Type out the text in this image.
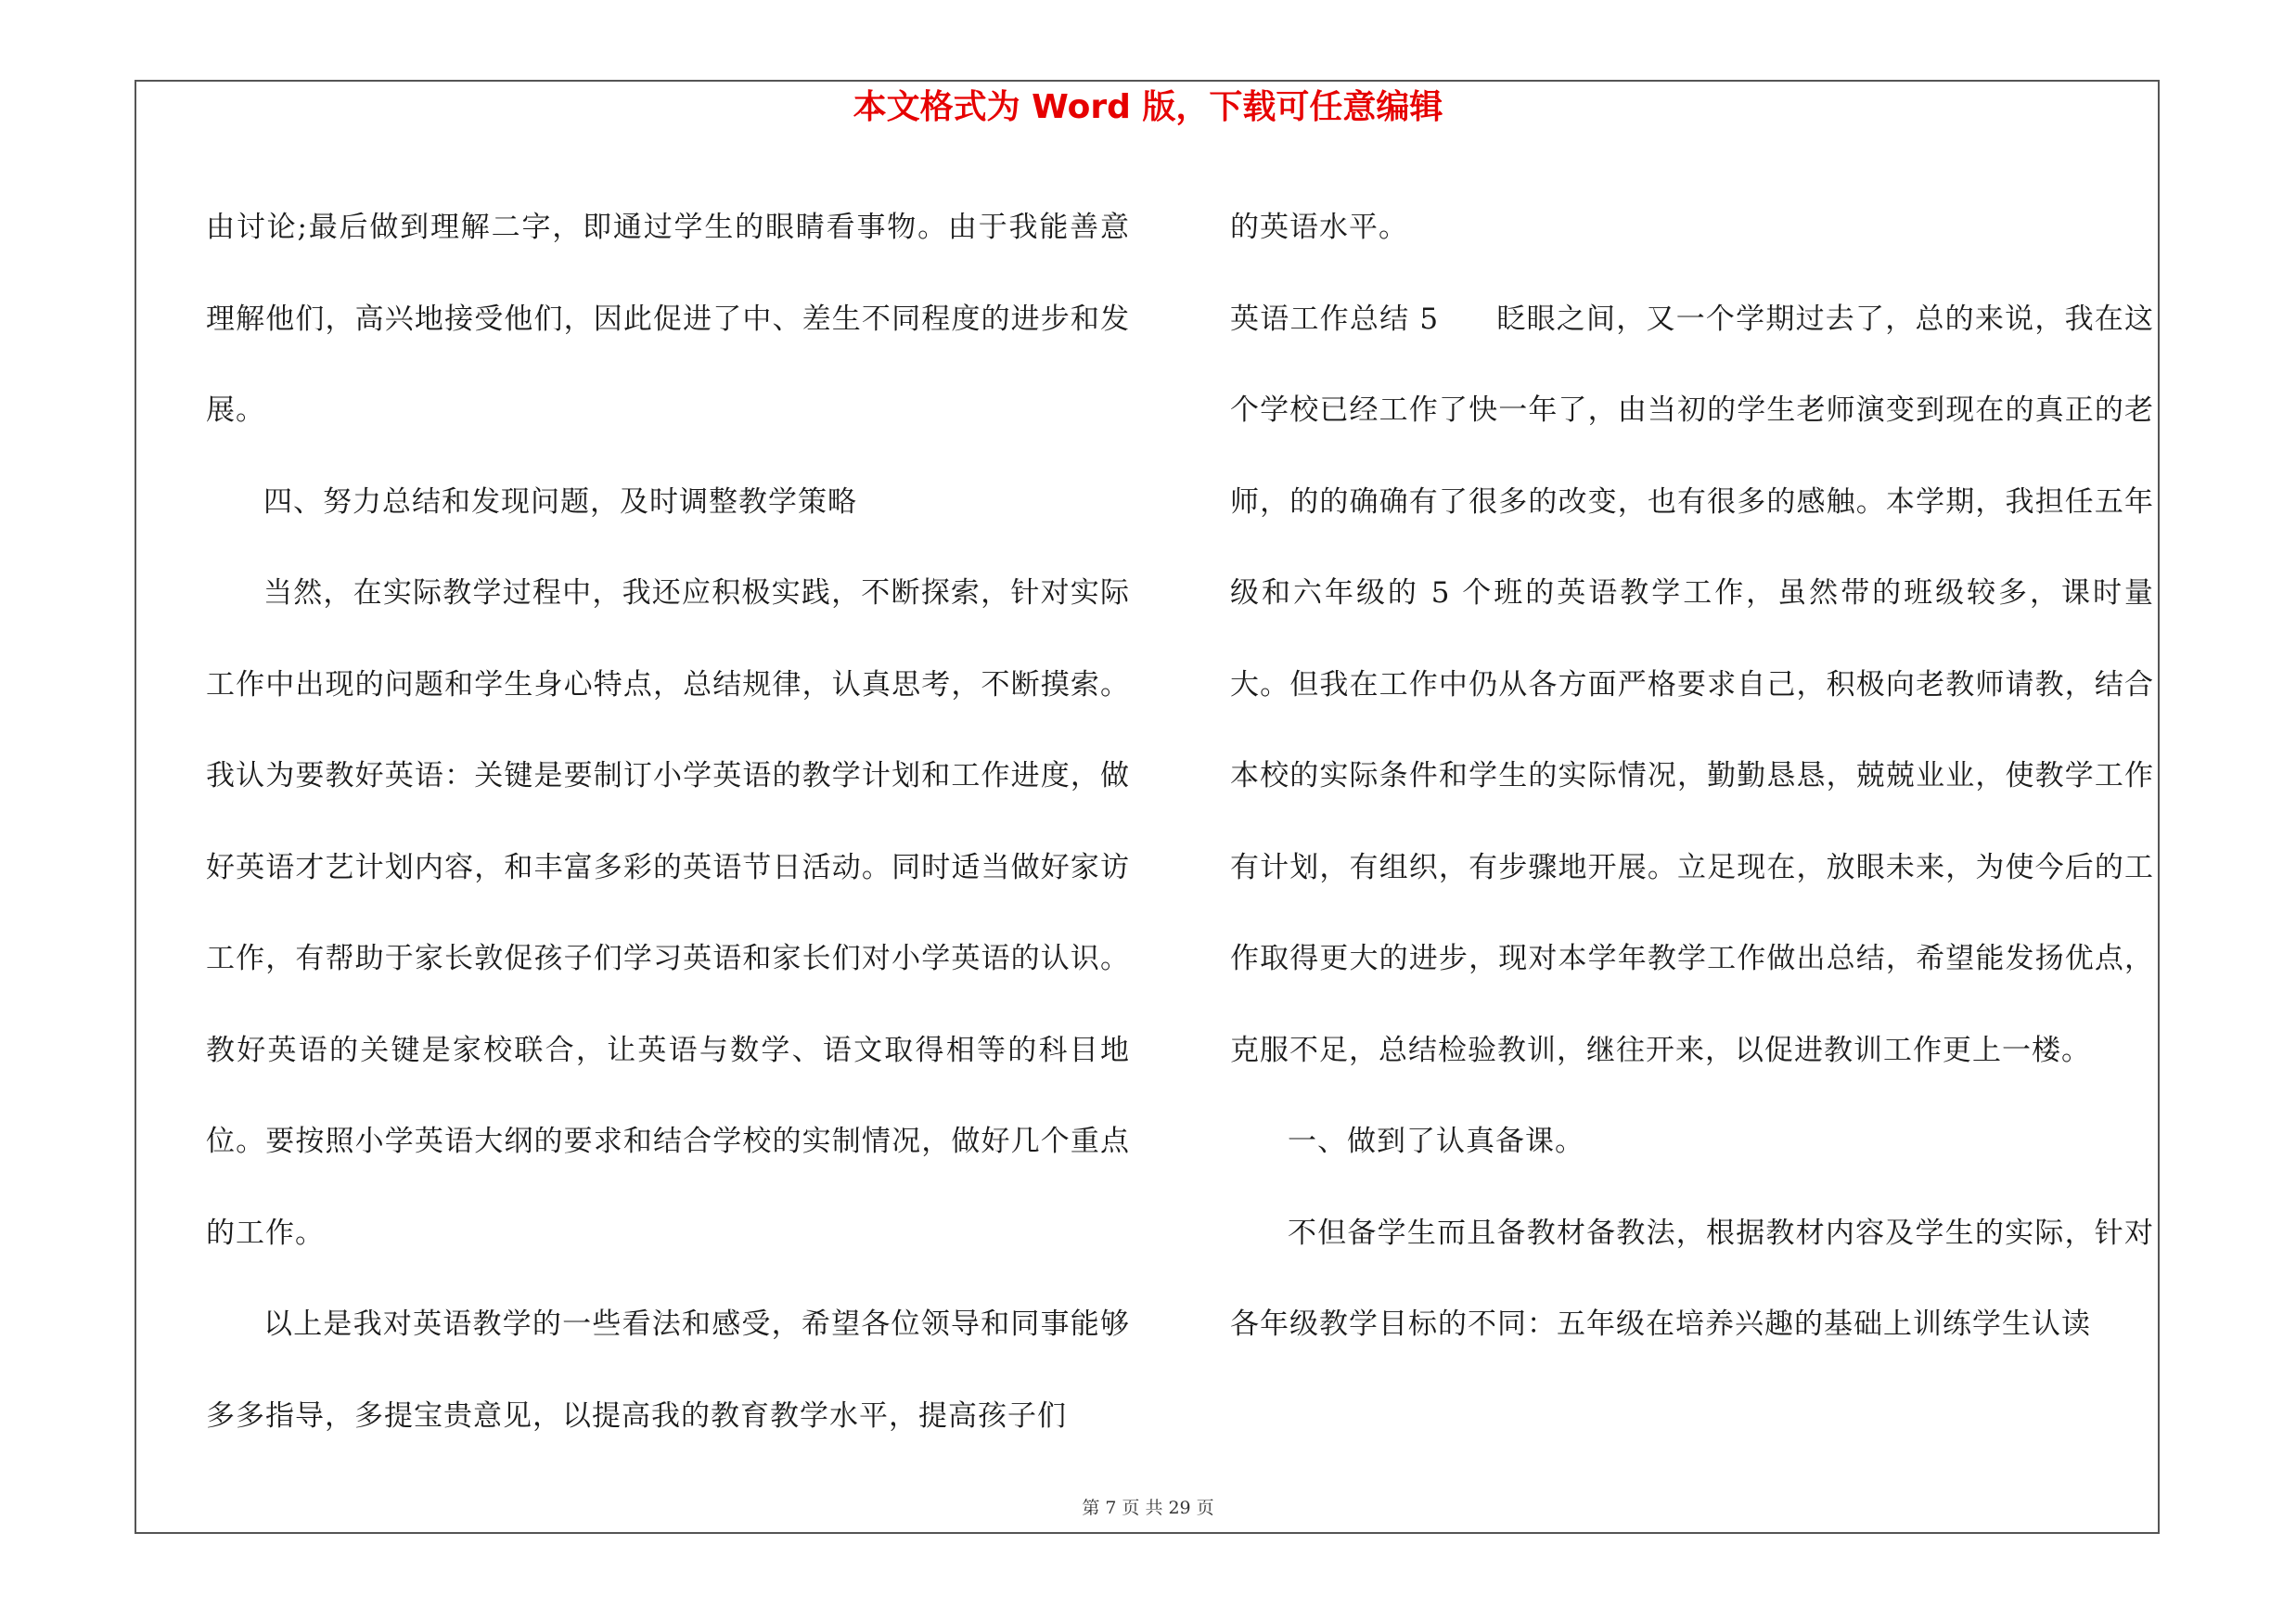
本文格式为 Word 版，下载可任意编辑

由讨论;最后做到理解二字，即通过学生的眼睛看事物。由于我能善意理解他们，高兴地接受他们，因此促进了中、差生不同程度的进步和发展。

四、努力总结和发现问题，及时调整教学策略

当然，在实际教学过程中，我还应积极实践，不断探索，针对实际工作中出现的问题和学生身心特点，总结规律，认真思考，不断摸索。我认为要教好英语：关键是要制订小学英语的教学计划和工作进度，做好英语才艺计划内容，和丰富多彩的英语节日活动。同时适当做好家访工作，有帮助于家长敦促孩子们学习英语和家长们对小学英语的认识。教好英语的关键是家校联合，让英语与数学、语文取得相等的科目地位。要按照小学英语大纲的要求和结合学校的实制情况，做好几个重点的工作。

以上是我对英语教学的一些看法和感受，希望各位领导和同事能够多多指导，多提宝贵意见，以提高我的教育教学水平，提高孩子们

的英语水平。

英语工作总结 5 眨眼之间，又一个学期过去了，总的来说，我在这个学校已经工作了快一年了，由当初的学生老师演变到现在的真正的老师，的的确确有了很多的改变，也有很多的感触。本学期，我担任五年级和六年级的 5 个班的英语教学工作，虽然带的班级较多，课时量大。但我在工作中仍从各方面严格要求自己，积极向老教师请教，结合本校的实际条件和学生的实际情况，勤勤恳恳，兢兢业业，使教学工作有计划，有组织，有步骤地开展。立足现在，放眼未来，为使今后的工作取得更大的进步，现对本学年教学工作做出总结，希望能发扬优点，克服不足，总结检验教训，继往开来，以促进教训工作更上一楼。

一、做到了认真备课。

不但备学生而且备教材备教法，根据教材内容及学生的实际，针对各年级教学目标的不同：五年级在培养兴趣的基础上训练学生认读

第 7 页 共 29 页
